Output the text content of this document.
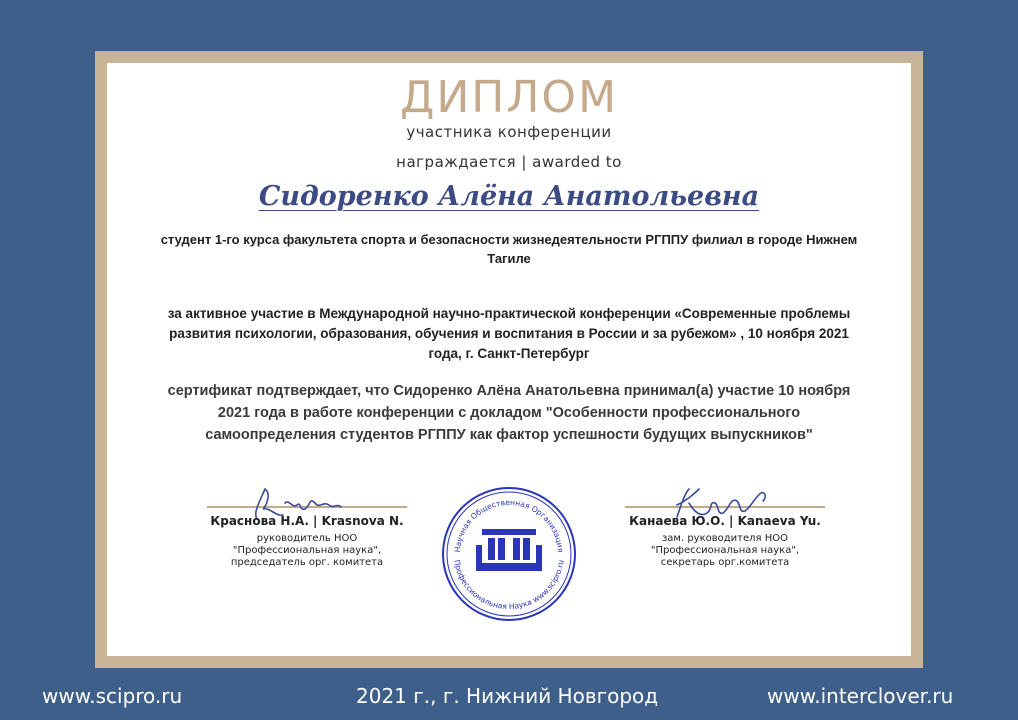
ДИПЛОМ
участника конференции
награждается | awarded to
Сидоренко Алёна Анатольевна
студент 1-го курса факультета спорта и безопасности жизнедеятельности РГППУ филиал в городе Нижнем Тагиле
за активное участие в Международной научно-практической конференции «Современные проблемы развития психологии, образования, обучения и воспитания в России и за рубежом» , 10 ноября 2021 года, г. Санкт-Петербург
сертификат подтверждает, что Сидоренко Алёна Анатольевна принимал(а) участие 10 ноября 2021 года в работе конференции с докладом "Особенности профессионального самоопределения студентов РГППУ как фактор успешности будущих выпускников"
Краснова Н.А. | Krasnova N.
руководитель НОО
"Профессиональная наука",
председатель орг. комитета
Научная Общественная Организация
Профессиональная Наука www.scipro.ru
Канаева Ю.О. | Kanaeva Yu.
зам. руководителя НОО
"Профессиональная наука",
секретарь орг.комитета
www.scipro.ru	2021 г., г. Нижний Новгород	www.interclover.ru
